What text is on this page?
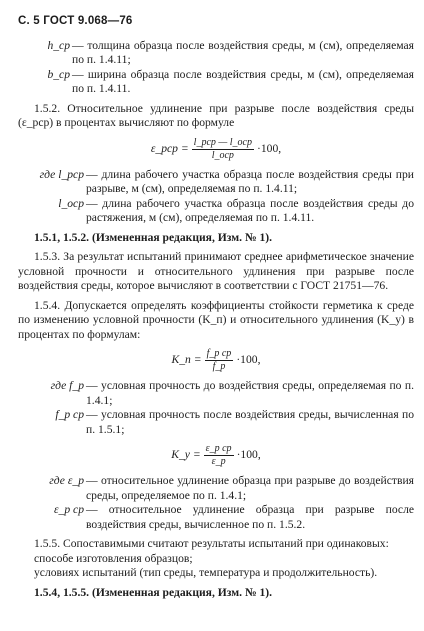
С. 5 ГОСТ 9.068—76
h_ср — толщина образца после воздействия среды, м (см), определяемая по п. 1.4.11;
b_ср — ширина образца после воздействия среды, м (см), определяемая по п. 1.4.11.

1.5.2. Относительное удлинение при разрыве после воздействия среды (ε_рср) в процентах вычисляют по формуле

ε_рср = $\frac{\text{l\_рср — l\_оср}}{\text{l\_оср}} \cdot 100$,
где l_рср — длина рабочего участка образца после воздействия среды при разрыве, м (см), определяемая по п. 1.4.11;
l_оср — длина рабочего участка образца после воздействия среды до растяжения, м (см), определяемая по п. 1.4.11.

1.5.1, 1.5.2. (Измененная редакция, Изм. № 1).

1.5.3. За результат испытаний принимают среднее арифметическое значение условной прочности и относительного удлинения при разрыве после воздействия среды, которое вычисляют в соответствии с ГОСТ 21751—76.

1.5.4. Допускается определять коэффициенты стойкости герметика к среде по изменению условной прочности (K_п) и относительного удлинения (K_у) в процентах по формулам:

K_п = $\frac{\text{f\_р ср}}{f\_р} \cdot 100$,
где f_р — условная прочность до воздействия среды, определяемая по п. 1.4.1;
f_р ср — условная прочность после воздействия среды, вычисленная по п. 1.5.1;
K_у = $\frac{\text{ε\_р ср}}{\varepsilon\_р} \cdot 100$,
где ε_р — относительное удлинение образца при разрыве до воздействия среды, определяемое по п. 1.4.1;
ε_р ср — относительное удлинение образца при разрыве после воздействия среды, вычисленное по п. 1.5.2.

1.5.5. Сопоставимыми считают результаты испытаний при одинаковых:

способе изготовления образцов;

условиях испытаний (тип среды, температура и продолжительность).

1.5.4, 1.5.5. (Измененная редакция, Изм. № 1).
